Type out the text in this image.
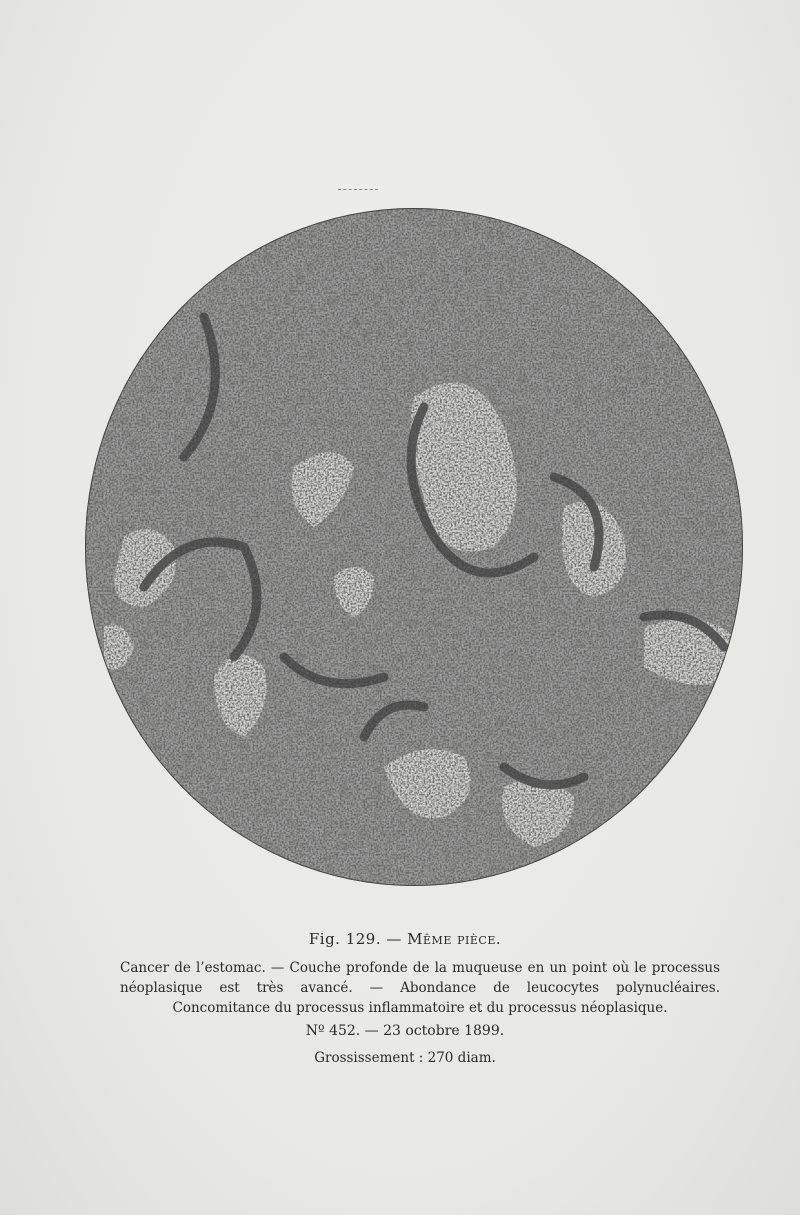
Fig. 129. — Même pièce.
Cancer de l’estomac. — Couche profonde de la muqueuse en un point où le processus néoplasique est très avancé. — Abondance de leucocytes polynucléaires. Concomitance du processus inflammatoire et du processus néoplasique.
Nº 452. — 23 octobre 1899.
Grossissement : 270 diam.
